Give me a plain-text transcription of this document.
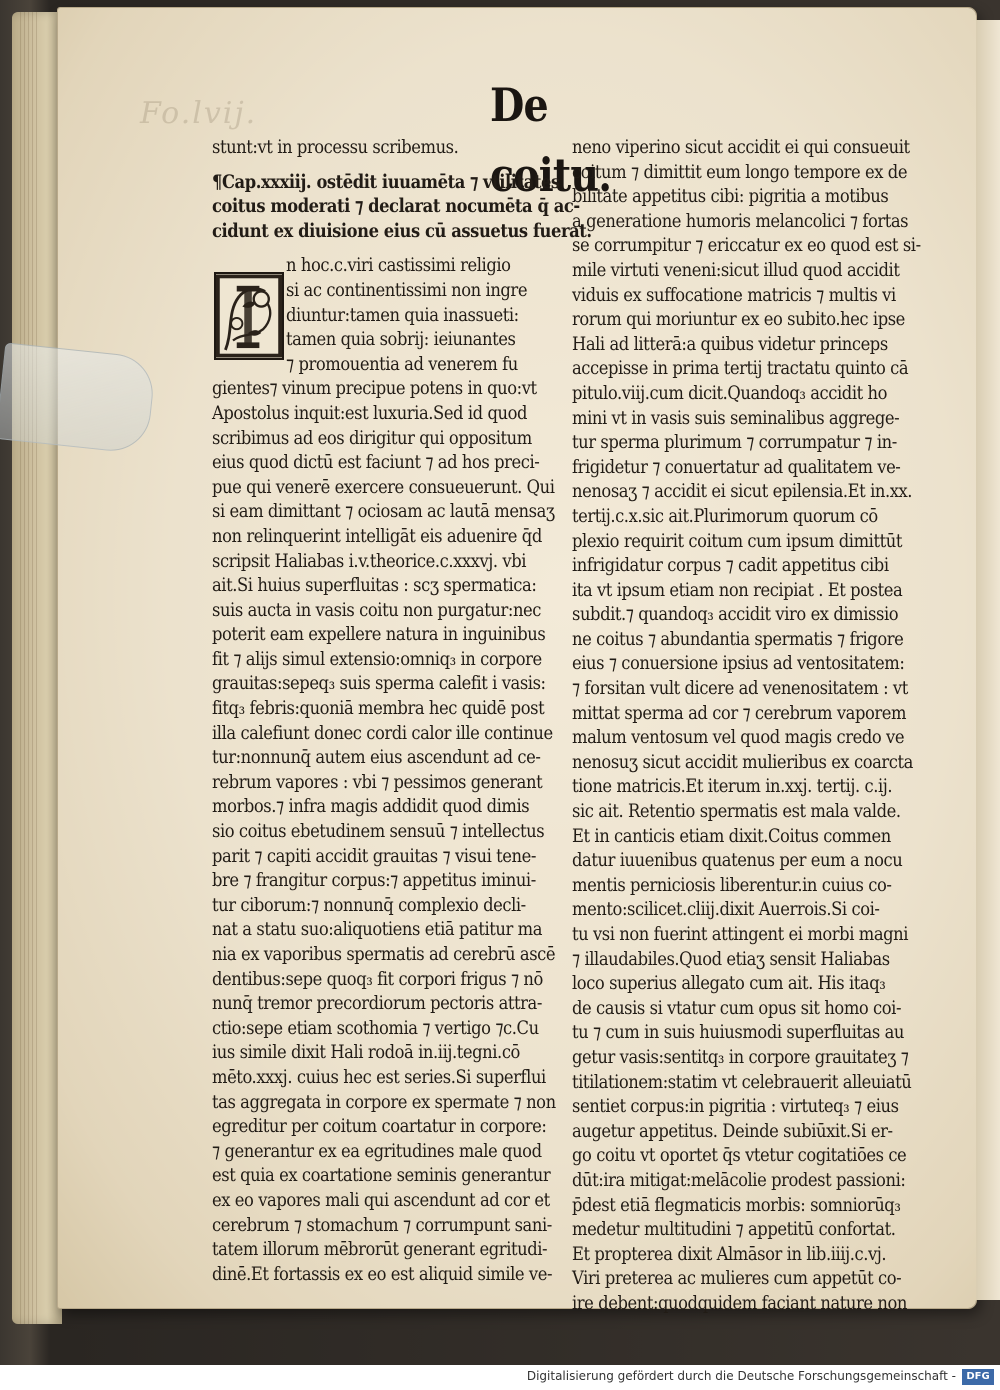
Fo.lvij.	De coitu.
I
stunt:vt in processu scribemus.
¶Cap.xxxiij. ostēdit iuuamēta ⁊ vtilitates
coitus moderati ⁊ declarat nocumēta q̄ ac-
cidunt ex diuisione eius cū assuetus fuerat.
n hoc.c.viri castissimi religio
si ac continentissimi non ingre
diuntur:tamen quia inassueti:
tamen quia sobrij: ieiunantes
⁊ promouentia ad venerem fu
gientes⁊ vinum precipue potens in quo:vt
Apostolus inquit:est luxuria.Sed id quod
scribimus ad eos dirigitur qui oppositum
eius quod dictū est faciunt ⁊ ad hos preci-
pue qui venerē exercere consueuerunt. Qui
si eam dimittant ⁊ ociosam ac lautā mensaʒ
non relinquerint intelligāt eis aduenire q̄d
scripsit Haliabas i.v.theorice.c.xxxvj. vbi
ait.Si huius superfluitas : scʒ spermatica:
suis aucta in vasis coitu non purgatur:nec
poterit eam expellere natura in inguinibus
fit ⁊ alijs simul extensio:omniq₃ in corpore
grauitas:sepeq₃ suis sperma calefit i vasis:
fitq₃ febris:quoniā membra hec quidē post
illa calefiunt donec cordi calor ille continue
tur:nonnunq̄ autem eius ascendunt ad ce-
rebrum vapores : vbi ⁊ pessimos generant
morbos.⁊ infra magis addidit quod dimis
sio coitus ebetudinem sensuū ⁊ intellectus
parit ⁊ capiti accidit grauitas ⁊ visui tene-
bre ⁊ frangitur corpus:⁊ appetitus iminui-
tur ciborum:⁊ nonnunq̄ complexio decli-
nat a statu suo:aliquotiens etiā patitur ma
nia ex vaporibus spermatis ad cerebrū ascē
dentibus:sepe quoq₃ fit corpori frigus ⁊ nō
nunq̄ tremor precordiorum pectoris attra-
ctio:sepe etiam scothomia ⁊ vertigo ⁊c.Cu
ius simile dixit Hali rodoā in.iij.tegni.cō
mēto.xxxj. cuius hec est series.Si superflui
tas aggregata in corpore ex spermate ⁊ non
egreditur per coitum coartatur in corpore:
⁊ generantur ex ea egritudines male quod
est quia ex coartatione seminis generantur
ex eo vapores mali qui ascendunt ad cor et
cerebrum ⁊ stomachum ⁊ corrumpunt sani-
tatem illorum mēbrorūt generant egritudi-
dinē.Et fortassis ex eo est aliquid simile ve-
neno viperino sicut accidit ei qui consueuit
coitum ⁊ dimittit eum longo tempore ex de
bilitate appetitus cibi: pigritia a motibus
a generatione humoris melancolici ⁊ fortas
se corrumpitur ⁊ ericcatur ex eo quod est si-
mile virtuti veneni:sicut illud quod accidit
viduis ex suffocatione matricis ⁊ multis vi
rorum qui moriuntur ex eo subito.hec ipse
Hali ad litterā:a quibus videtur princeps
accepisse in prima tertij tractatu quinto cā
pitulo.viij.cum dicit.Quandoq₃ accidit ho
mini vt in vasis suis seminalibus aggrege-
tur sperma plurimum ⁊ corrumpatur ⁊ in-
frigidetur ⁊ conuertatur ad qualitatem ve-
nenosaʒ ⁊ accidit ei sicut epilensia.Et in.xx.
tertij.c.x.sic ait.Plurimorum quorum cō
plexio requirit coitum cum ipsum dimittūt
infrigidatur corpus ⁊ cadit appetitus cibi
ita vt ipsum etiam non recipiat . Et postea
subdit.⁊ quandoq₃ accidit viro ex dimissio
ne coitus ⁊ abundantia spermatis ⁊ frigore
eius ⁊ conuersione ipsius ad ventositatem:
⁊ forsitan vult dicere ad venenositatem : vt
mittat sperma ad cor ⁊ cerebrum vaporem
malum ventosum vel quod magis credo ve
nenosuʒ sicut accidit mulieribus ex coarcta
tione matricis.Et iterum in.xxj. tertij. c.ij.
sic ait. Retentio spermatis est mala valde.
Et in canticis etiam dixit.Coitus commen
datur iuuenibus quatenus per eum a nocu
mentis perniciosis liberentur.in cuius co-
mento:scilicet.cliij.dixit Auerrois.Si coi-
tu vsi non fuerint attingent ei morbi magni
⁊ illaudabiles.Quod etiaʒ sensit Haliabas
loco superius allegato cum ait. His itaq₃
de causis si vtatur cum opus sit homo coi-
tu ⁊ cum in suis huiusmodi superfluitas au
getur vasis:sentitq₃ in corpore grauitateʒ ⁊
titilationem:statim vt celebrauerit alleuiatū
sentiet corpus:in pigritia : virtuteq₃ ⁊ eius
augetur appetitus. Deinde subiūxit.Si er-
go coitu vt oportet q̄s vtetur cogitatiōes ce
dūt:ira mitigat:melācolie prodest passioni:
p̄dest etiā flegmaticis morbis: somniorūq₃
medetur multitudini ⁊ appetitū confortat.
Et propterea dixit Almāsor in lib.iiij.c.vj.
Viri preterea ac mulieres cum appetūt co-
ire debent:quodquidem faciant nature non
Digitalisierung gefördert durch die Deutsche Forschungsgemeinschaft -	DFG
